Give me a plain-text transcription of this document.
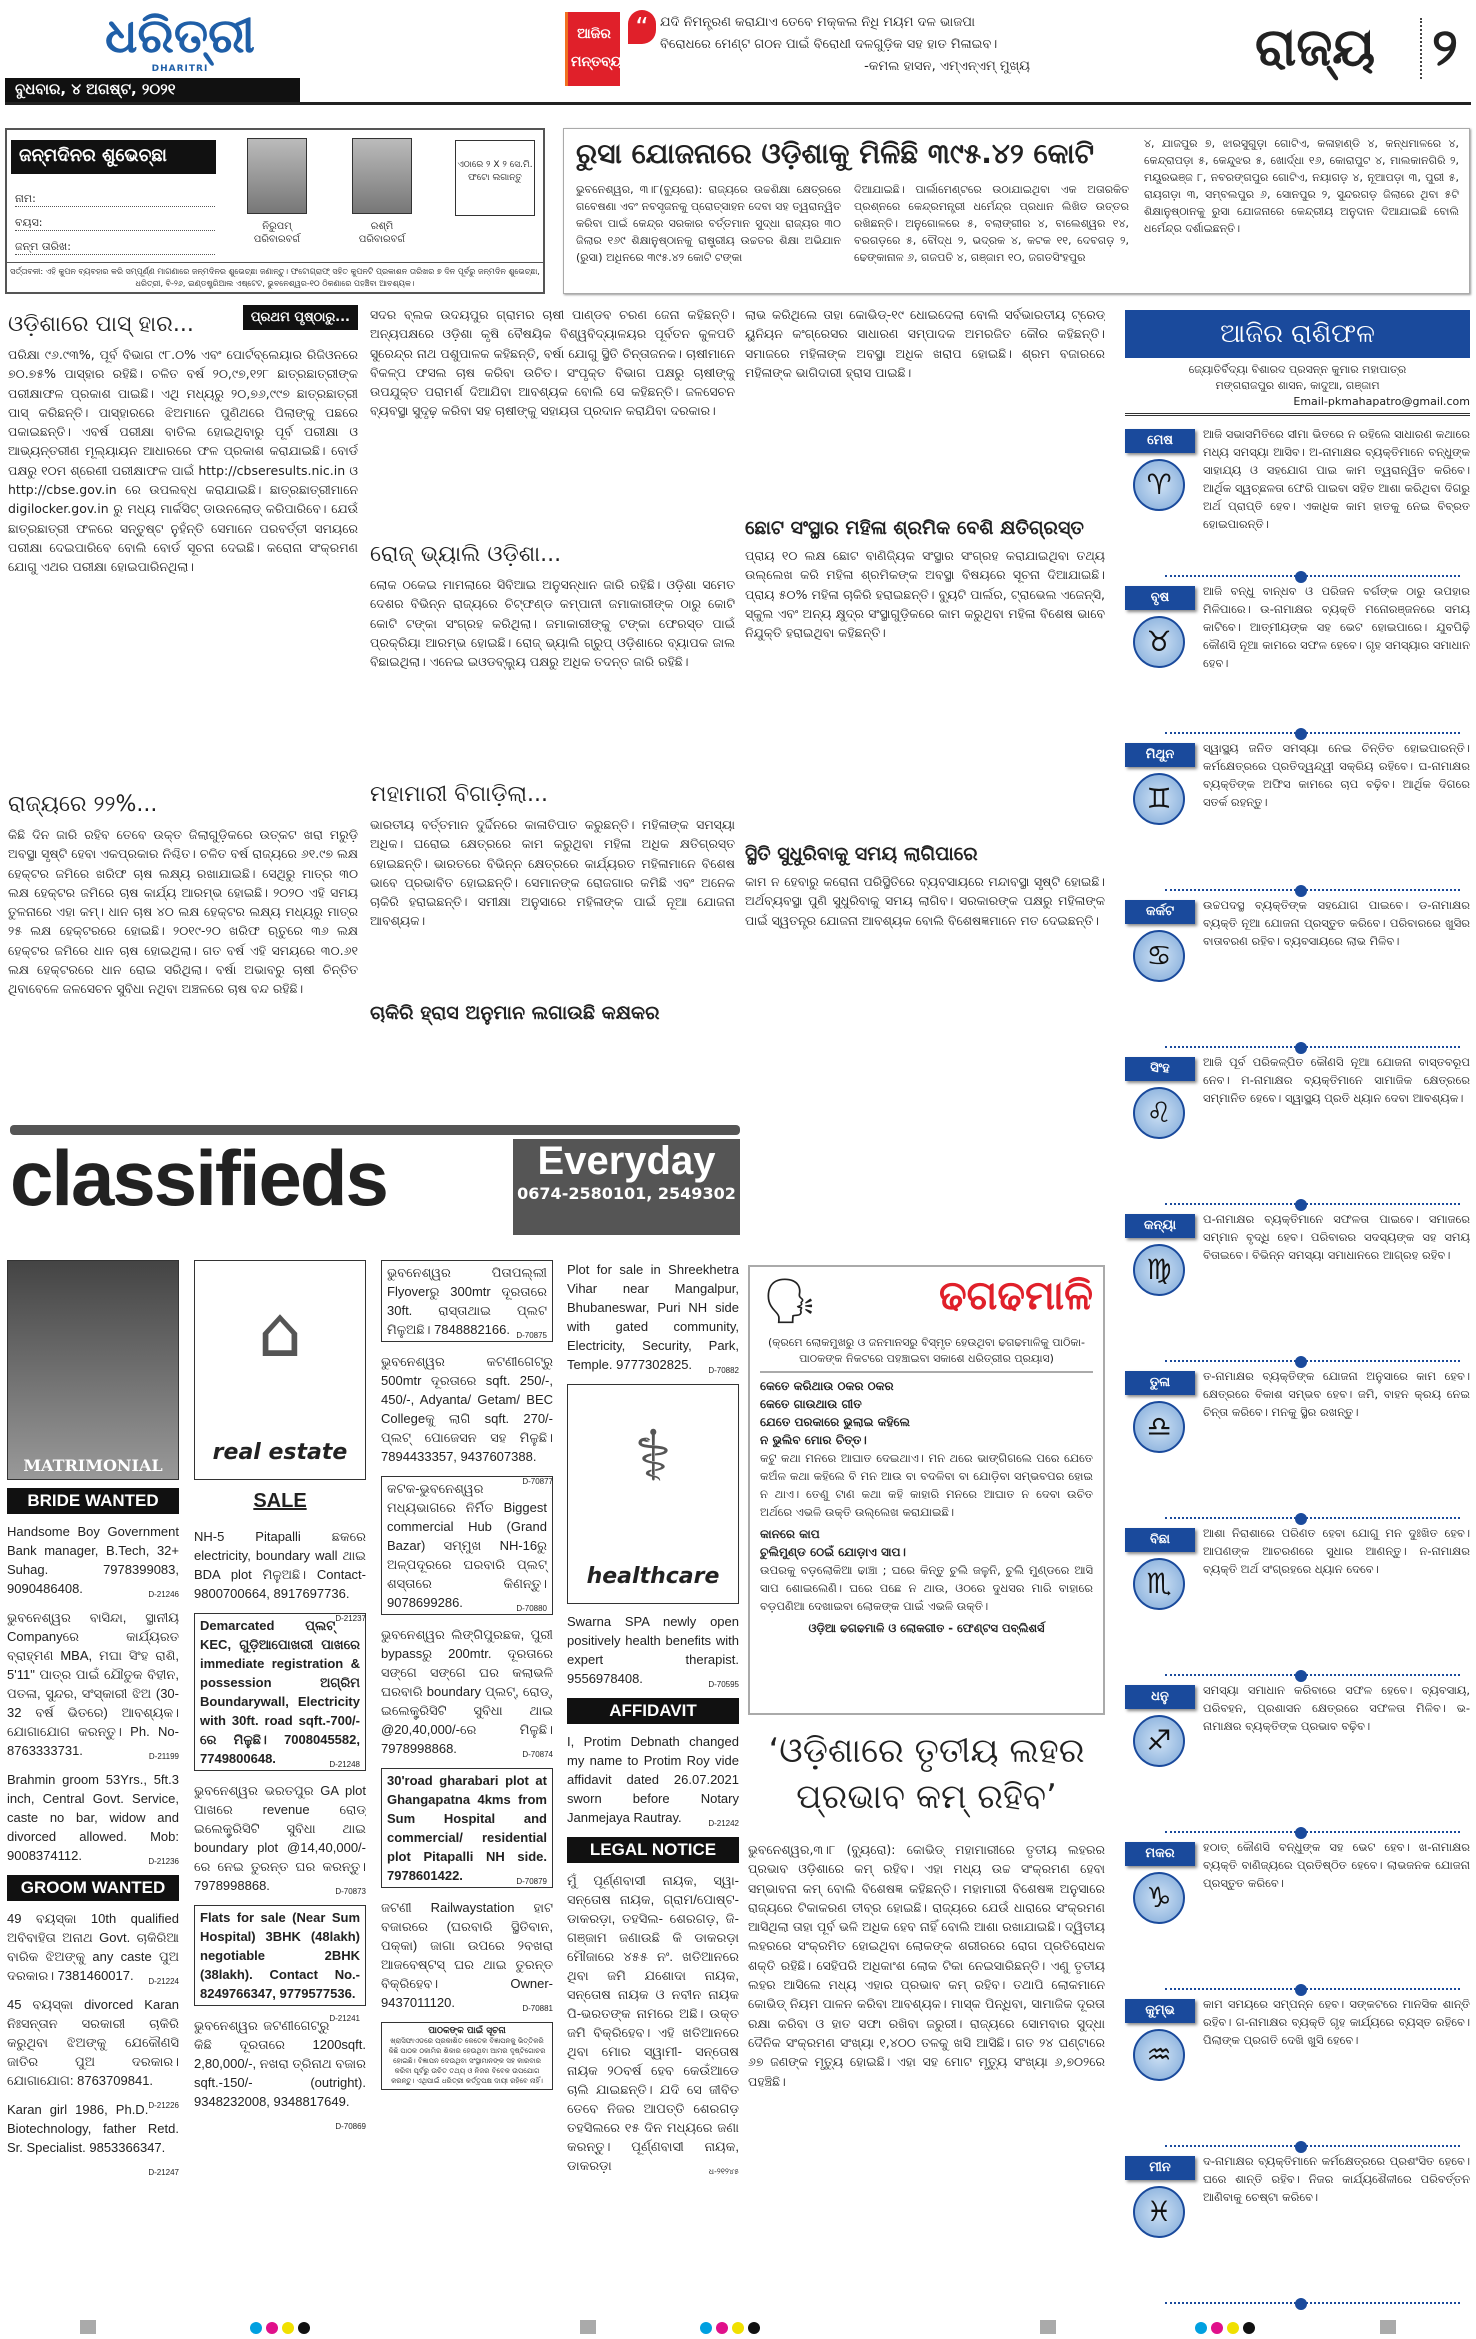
ଧରିତ୍ରୀ
DHARITRI
ବୁଧବାର, ୪ ଅଗଷ୍ଟ, ୨୦୨୧
ଆଜିର
ମନ୍ତବ୍ୟ
“ ଯଦି ନିମନ୍ତ୍ରଣ କରାଯାଏ ତେବେ ମକ୍କଲ ନିଧି ମୟମ ଦଳ ଭାଜପା
ବିରୋଧରେ ମେଣ୍ଟ ଗଠନ ପାଇଁ ବିରୋଧୀ ଦଳଗୁଡ଼ିକ ସହ ହାତ ମିଳାଇବ।
-କମଲ ହାସନ, ଏମ୍‌ଏନ୍‌ଏମ୍ ମୁଖ୍ୟ	ରାଜ୍ୟ ୨
ଜନ୍ମଦିନର ଶୁଭେଚ୍ଛା
ନାମ:
ବୟସ:
ଜନ୍ମ ତାରିଖ:
ନିରୁପମ୍
ପରିବାରବର୍ଗ
ରଶ୍ମି
ପରିବାରବର୍ଗ
ଏଠାରେ ୨ X ୨ ସେ.ମି. ଫଟୋ ଲଗାନ୍ତୁ
ସର୍ତ୍ତାବଳୀ: ଏହି କୁପନ ବ୍ୟବହାର କରି ସମ୍ପୂର୍ଣ୍ଣ ମାଗଣାରେ ଜନ୍ମଦିନର ଶୁଭେଚ୍ଛା ଜଣାନ୍ତୁ। ଫଟୋଗ୍ରାଫ୍ ସହିତ କୁପନଟି ପ୍ରକାଶନ ତାରିଖର ୭ ଦିନ ପୂର୍ବରୁ ଜନ୍ମଦିନ ଶୁଭେଚ୍ଛା, ଧରିତ୍ରୀ, ବି-୨୬, ଇଣ୍ଡଷ୍ଟ୍ରିଆଲ ଏଷ୍ଟେଟ, ଭୁବନେଶ୍ୱର-୧୦ ଠିକଣାରେ ପହଞ୍ଚିବା ଆବଶ୍ୟକ।
ରୁସା ଯୋଜନାରେ ଓଡ଼ିଶାକୁ ମିଳିଛି ୩୯୫.୪୨ କୋଟି
ଭୁବନେଶ୍ୱର, ୩।୮(ବ୍ୟୁରୋ): ରାଜ୍ୟରେ ଉଚ୍ଚଶିକ୍ଷା କ୍ଷେତ୍ରରେ ଗବେଷଣା ଏବଂ ନବସୃଜନକୁ ପ୍ରୋତ୍ସାହନ ଦେବା ସହ ତ୍ୱରାନ୍ୱିତ କରିବା ପାଇଁ କେନ୍ଦ୍ର ସରକାର ବର୍ତ୍ତମାନ ସୁଦ୍ଧା ରାଜ୍ୟର ୩୦ ଜିଲାର ୧୬୯ ଶିକ୍ଷାନୁଷ୍ଠାନକୁ ରାଷ୍ଟ୍ରୀୟ ଉଚ୍ଚତର ଶିକ୍ଷା ଅଭିଯାନ (ରୁସା) ଅଧିନରେ ୩୯୫.୪୨ କୋଟି ଟଙ୍କା
ଦିଆଯାଇଛି। ପାର୍ଲାମେଣ୍ଟରେ ଉଠାଯାଇଥିବା ଏକ ଅତାରକିତ ପ୍ରଶ୍ନରେ କେନ୍ଦ୍ରମନ୍ତ୍ରୀ ଧର୍ମେନ୍ଦ୍ର ପ୍ରଧାନ ଲିଖିତ ଉତ୍ତର ରଖିଛନ୍ତି। ଅନୁଗୋଳରେ ୫, ବଲାଙ୍ଗୀର ୪, ବାଲେଶ୍ୱର ୧୪, ବରଗଡ଼ରେ ୫, ବୌଦ୍ଧ ୨, ଭଦ୍ରକ ୪, କଟକ ୧୧, ଦେବଗଡ଼ ୨, ଢେଙ୍କାନାଳ ୬, ଗଜପତି ୪, ଗଞ୍ଜାମ ୧୦, ଜଗତସିଂହପୁର
୪, ଯାଜପୁର ୭, ଝାରସୁଗୁଡ଼ା ଗୋଟିଏ, କଳାହାଣ୍ଡି ୪, କନ୍ଧମାଳରେ ୪, କେନ୍ଦ୍ରାପଡ଼ା ୫, କେନ୍ଦୁଝର ୫, ଖୋର୍ଦ୍ଧା ୧୬, କୋରାପୁଟ ୪, ମାଲକାନଗିରି ୨, ମୟୂରଭଞ୍ଜ ୮, ନବରଙ୍ଗପୁର ଗୋଟିଏ, ନୟାଗଡ଼ ୪, ନୂଆପଡ଼ା ୩, ପୁରୀ ୫, ରାୟଗଡ଼ା ୩, ସମ୍ବଲପୁର ୬, ସୋନପୁର ୨, ସୁନ୍ଦରଗଡ଼ ଜିଲାରେ ଥିବା ୫ଟି ଶିକ୍ଷାନୁଷ୍ଠାନକୁ ରୁସା ଯୋଜନାରେ କେନ୍ଦ୍ରୀୟ ଅନୁଦାନ ଦିଆଯାଇଛି ବୋଲି ଧର୍ମେନ୍ଦ୍ର ଦର୍ଶାଇଛନ୍ତି।
ପ୍ରଥମ ପୃଷ୍ଠାରୁ...
ଓଡ଼ିଶାରେ ପାସ୍ ହାର...

ପରିକ୍ଷା ୯୬.୯୩%, ପୂର୍ବ ବିଭାଗ ୯୮.୦% ଏବଂ ପୋର୍ଟବ୍ଲେୟାର ରିଜିଓନରେ ୭୦.୭୫% ପାସ୍‌ହାର ରହିଛି। ଚଳିତ ବର୍ଷ ୨୦,୯୭,୧୨୮ ଛାତ୍ରଛାତ୍ରୀଙ୍କ ପରୀକ୍ଷାଫଳ ପ୍ରକାଶ ପାଇଛି। ଏଥି ମଧ୍ୟରୁ ୨୦,୭୬,୯୯୭ ଛାତ୍ରଛାତ୍ରୀ ପାସ୍ କରିଛନ୍ତି। ପାସ୍‌ହାରରେ ଝିଅମାନେ ପୁଣିଥରେ ପିଲାଙ୍କୁ ପଛରେ ପକାଇଛନ୍ତି। ଏବର୍ଷ ପରୀକ୍ଷା ବାତିଲ ହୋଇଥିବାରୁ ପୂର୍ବ ପରୀକ୍ଷା ଓ ଆଭ୍ୟନ୍ତରୀଣ ମୂଲ୍ୟାୟନ ଆଧାରରେ ଫଳ ପ୍ରକାଶ କରାଯାଇଛି। ବୋର୍ଡ ପକ୍ଷରୁ ୧୦ମ ଶ୍ରେଣୀ ପରୀକ୍ଷାଫଳ ପାଇଁ http://cbseresults.nic.in ଓ http://cbse.gov.in ରେ ଉପଲବ୍ଧ କରାଯାଇଛି। ଛାତ୍ରଛାତ୍ରୀମାନେ digilocker.gov.in ରୁ ମଧ୍ୟ ମାର୍କସିଟ୍ ଡାଉନଲୋଡ୍ କରିପାରିବେ। ଯେଉଁ ଛାତ୍ରଛାତ୍ରୀ ଫଳରେ ସନ୍ତୁଷ୍ଟ ନୁହଁନ୍ତି ସେମାନେ ପରବର୍ତ୍ତୀ ସମୟରେ ପରୀକ୍ଷା ଦେଇପାରିବେ ବୋଲି ବୋର୍ଡ ସୂଚନା ଦେଇଛି। କରୋନା ସଂକ୍ରମଣ ଯୋଗୁ ଏଥର ପରୀକ୍ଷା ହୋଇପାରିନଥିଲା।

ରାଜ୍ୟରେ ୨୨%...

କିଛି ଦିନ ଜାରି ରହିବ ତେବେ ଉକ୍ତ ଜିଲାଗୁଡ଼ିକରେ ଉତ୍କଟ ଖରା ମରୁଡ଼ି ଅବସ୍ଥା ସୃଷ୍ଟି ହେବା ଏକପ୍ରକାର ନିଶ୍ଚିତ। ଚଳିତ ବର୍ଷ ରାଜ୍ୟରେ ୬୧.୯୭ ଲକ୍ଷ ହେକ୍ଟର ଜମିରେ ଖରିଫ ଚାଷ ଲକ୍ଷ୍ୟ ରଖାଯାଇଛି। ସେଥିରୁ ମାତ୍ର ୩୦ ଲକ୍ଷ ହେକ୍ଟର ଜମିରେ ଚାଷ କାର୍ଯ୍ୟ ଆରମ୍ଭ ହୋଇଛି। ୨୦୨୦ ଏହି ସମୟ ତୁଳନାରେ ଏହା କମ୍। ଧାନ ଚାଷ ୪୦ ଲକ୍ଷ ହେକ୍ଟର ଲକ୍ଷ୍ୟ ମଧ୍ୟରୁ ମାତ୍ର ୨୫ ଲକ୍ଷ ହେକ୍ଟରରେ ହୋଇଛି। ୨୦୧୯-୨୦ ଖରିଫ ଋତୁରେ ୩୬ ଲକ୍ଷ ହେକ୍ଟର ଜମିରେ ଧାନ ଚାଷ ହୋଇଥିଲା। ଗତ ବର୍ଷ ଏହି ସମୟରେ ୩୦.୬୧ ଲକ୍ଷ ହେକ୍ଟରରେ ଧାନ ରୋଇ ସରିଥିଲା। ବର୍ଷା ଅଭାବରୁ ଚାଷୀ ଚିନ୍ତିତ ଥିବାବେଳେ ଜଳସେଚନ ସୁବିଧା ନଥିବା ଅଞ୍ଚଳରେ ଚାଷ ବନ୍ଦ ରହିଛି।

ସଦର ବ୍ଲକ ଉଦୟପୁର ଗ୍ରାମର ଚାଷୀ ପାଣ୍ଡବ ଚରଣ ଜେନା କହିଛନ୍ତି। ଅନ୍ୟପକ୍ଷରେ ଓଡ଼ିଶା କୃଷି ବୈଷୟିକ ବିଶ୍ୱବିଦ୍ୟାଳୟର ପୂର୍ବତନ କୁଳପତି ସୁରେନ୍ଦ୍ର ନାଥ ପଶୁପାଳକ କହିଛନ୍ତି, ବର୍ଷା ଯୋଗୁ ସ୍ଥିତି ଚିନ୍ତାଜନକ। ଚାଷୀମାନେ ବିକଳ୍ପ ଫସଲ ଚାଷ କରିବା ଉଚିତ। ସଂପୃକ୍ତ ବିଭାଗ ପକ୍ଷରୁ ଚାଷୀଙ୍କୁ ଉପଯୁକ୍ତ ପରାମର୍ଶ ଦିଆଯିବା ଆବଶ୍ୟକ ବୋଲି ସେ କହିଛନ୍ତି। ଜଳସେଚନ ବ୍ୟବସ୍ଥା ସୁଦୃଢ଼ କରିବା ସହ ଚାଷୀଙ୍କୁ ସହାୟତା ପ୍ରଦାନ କରାଯିବା ଦରକାର।

ରୋଜ୍ ଭ୍ୟାଲି ଓଡ଼ିଶା...

ଲୋକ ଠକେଇ ମାମଲାରେ ସିବିଆଇ ଅନୁସନ୍ଧାନ ଜାରି ରହିଛି। ଓଡ଼ିଶା ସମେତ ଦେଶର ବିଭିନ୍ନ ରାଜ୍ୟରେ ଚିଟ୍‌ଫଣ୍ଡ କମ୍ପାନୀ ଜମାକାରୀଙ୍କ ଠାରୁ କୋଟି କୋଟି ଟଙ୍କା ସଂଗ୍ରହ କରିଥିଲା। ଜମାକାରୀଙ୍କୁ ଟଙ୍କା ଫେରସ୍ତ ପାଇଁ ପ୍ରକ୍ରିୟା ଆରମ୍ଭ ହୋଇଛି। ରୋଜ୍ ଭ୍ୟାଲି ଗ୍ରୁପ୍ ଓଡ଼ିଶାରେ ବ୍ୟାପକ ଜାଲ ବିଛାଇଥିଲା। ଏନେଇ ଇଓଡବ୍ଲ୍ୟୁ ପକ୍ଷରୁ ଅଧିକ ତଦନ୍ତ ଜାରି ରହିଛି।

ମହାମାରୀ ବିଗାଡ଼ିଲା...

ଭାରତୀୟ ବର୍ତ୍ତମାନ ଦୁର୍ଦ୍ଦିନରେ କାଳାତିପାତ କରୁଛନ୍ତି। ମହିଳାଙ୍କ ସମସ୍ୟା ଅଧିକ। ଘରୋଇ କ୍ଷେତ୍ରରେ କାମ କରୁଥିବା ମହିଳା ଅଧିକ କ୍ଷତିଗ୍ରସ୍ତ ହୋଇଛନ୍ତି। ଭାରତରେ ବିଭିନ୍ନ କ୍ଷେତ୍ରରେ କାର୍ଯ୍ୟରତ ମହିଳାମାନେ ବିଶେଷ ଭାବେ ପ୍ରଭାବିତ ହୋଇଛନ୍ତି। ସେମାନଙ୍କ ରୋଜଗାର କମିଛି ଏବଂ ଅନେକ ଚାକିରି ହରାଇଛନ୍ତି। ସମୀକ୍ଷା ଅନୁସାରେ ମହିଳାଙ୍କ ପାଇଁ ନୂଆ ଯୋଜନା ଆବଶ୍ୟକ।

ଚାକିରି ହ୍ରାସ ଅନୁମାନ ଲଗାଉଛି କକ୍ଷକର

ଲାଭ କରିଥିଲେ ତାହା କୋଭିଡ୍-୧୯ ଧୋଇଦେଲା ବୋଲି ସର୍ବଭାରତୀୟ ଟ୍ରେଡ୍ ୟୁନିୟନ କଂଗ୍ରେସର ସାଧାରଣ ସମ୍ପାଦକ ଅମରଜିତ କୌର କହିଛନ୍ତି। ସମାଜରେ ମହିଳାଙ୍କ ଅବସ୍ଥା ଅଧିକ ଖରାପ ହୋଇଛି। ଶ୍ରମ ବଜାରରେ ମହିଳାଙ୍କ ଭାଗିଦାରୀ ହ୍ରାସ ପାଇଛି।

ଛୋଟ ସଂସ୍ଥାର ମହିଳା ଶ୍ରମିକ ବେଶି କ୍ଷତିଗ୍ରସ୍ତ

ପ୍ରାୟ ୧୦ ଲକ୍ଷ ଛୋଟ ବାଣିଜ୍ୟିକ ସଂସ୍ଥାର ସଂଗ୍ରହ କରାଯାଇଥିବା ତଥ୍ୟ ଉଲ୍ଲେଖ କରି ମହିଳା ଶ୍ରମିକଙ୍କ ଅବସ୍ଥା ବିଷୟରେ ସୂଚନା ଦିଆଯାଇଛି। ପ୍ରାୟ ୫୦% ମହିଳା ଚାକିରି ହରାଇଛନ୍ତି। ବ୍ୟୁଟି ପାର୍ଲର, ଟ୍ରାଭେଲ ଏଜେନ୍ସି, ସ୍କୁଲ ଏବଂ ଅନ୍ୟ କ୍ଷୁଦ୍ର ସଂସ୍ଥାଗୁଡ଼ିକରେ କାମ କରୁଥିବା ମହିଳା ବିଶେଷ ଭାବେ ନିଯୁକ୍ତି ହରାଇଥିବା କହିଛନ୍ତି।

ସ୍ଥିତି ସୁଧୁରିବାକୁ ସମୟ ଲାଗିପାରେ

କାମ ନ ହେବାରୁ କରୋନା ପରିସ୍ଥିତିରେ ବ୍ୟବସାୟରେ ମନ୍ଦାବସ୍ଥା ସୃଷ୍ଟି ହୋଇଛି। ଅର୍ଥବ୍ୟବସ୍ଥା ପୁଣି ସୁଧୁରିବାକୁ ସମୟ ଲାଗିବ। ସରକାରଙ୍କ ପକ୍ଷରୁ ମହିଳାଙ୍କ ପାଇଁ ସ୍ୱତନ୍ତ୍ର ଯୋଜନା ଆବଶ୍ୟକ ବୋଲି ବିଶେଷଜ୍ଞମାନେ ମତ ଦେଇଛନ୍ତି।

🗣	ଢଗଢମାଳି
(କ୍ରମେ ଲୋକମୁଖରୁ ଓ ଜନମାନସରୁ ବିସ୍ମୃତ ହେଉଥିବା ଢଗଢମାଳିକୁ ପାଠିକା-ପାଠକଙ୍କ ନିକଟରେ ପହଞ୍ଚାଇବା ସକାଶେ ଧରିତ୍ରୀର ପ୍ରୟାସ)
କେତେ କରିଥାଉ ଠକର ଠକର
କେତେ ଗାଉଥାଉ ଗୀତ
ଯେତେ ପରକାରେ ଭୁଲାଇ କହିଲେ
ନ ଭୁଲିବ ମୋର ଚିତ୍ତ।
କଟୁ କଥା ମନରେ ଆଘାତ ଦେଇଥାଏ। ମନ ଥରେ ଭାଙ୍ଗିଗଲେ ପରେ ଯେତେ କଅଁଳ କଥା କହିଲେ ବି ମନ ଆଉ ବା ବଦଳିବା ବା ଯୋଡ଼ିବା ସମ୍ଭବପର ହୋଇ ନ ଥାଏ। ତେଣୁ ଟାଣ କଥା କହି କାହାରି ମନରେ ଆଘାତ ନ ଦେବା ଉଚିତ ଅର୍ଥରେ ଏଭଳି ଉକ୍ତି ଉଲ୍ଲେଖ କରାଯାଇଛି।
କାନରେ କାପ
ଚୁଲିମୁଣ୍ଡ ଠେଇଁ ଯୋଡ଼ାଏ ସାପ।
ଉପରକୁ ବଡ଼ଲୋକିଆ ଢାଞ୍ଚା ; ଘରେ କିନ୍ତୁ ଚୁଲି ଜଳୁନି, ଚୁଲି ମୁଣ୍ଡରେ ଆସି ସାପ ଶୋଇଲେଣି। ଘରେ ପଛେ ନ ଥାଉ, ଓଠରେ ଦୁଧସର ମାରି ବାହାରେ ବଡ଼ପଣିଆ ଦେଖାଇବା ଲୋକଙ୍କ ପାଇଁ ଏଭଳି ଉକ୍ତି।
ଓଡ଼ିଆ ଢଗଢମାଳି ଓ ଲୋକଗୀତ - ଫେଣ୍ଟସ ପବ୍ଲିଶର୍ସ
‘ଓଡ଼ିଶାରେ ତୃତୀୟ ଲହର ପ୍ରଭାବ କମ୍ ରହିବ’
ଭୁବନେଶ୍ୱର,୩।୮ (ବ୍ୟୁରୋ): କୋଭିଡ୍ ମହାମାରୀରେ ତୃତୀୟ ଲହରର ପ୍ରଭାବ ଓଡ଼ିଶାରେ କମ୍ ରହିବ। ଏହା ମଧ୍ୟ ଉଚ୍ଚ ସଂକ୍ରମଣ ହେବା ସମ୍ଭାବନା କମ୍ ବୋଲି ବିଶେଷଜ୍ଞ କହିଛନ୍ତି। ମହାମାରୀ ବିଶେଷଜ୍ଞ ଅନୁସାରେ ରାଜ୍ୟରେ ଟିକାକରଣ ତୀବ୍ର ହୋଇଛି। ରାଜ୍ୟରେ ଯେଉଁ ଧାରାରେ ସଂକ୍ରମଣ ଆସିଥିଲା ତାହା ପୂର୍ବ ଭଳି ଅଧିକ ହେବ ନାହିଁ ବୋଲି ଆଶା ରଖାଯାଇଛି। ଦ୍ୱିତୀୟ ଲହରରେ ସଂକ୍ରମିତ ହୋଇଥିବା ଲୋକଙ୍କ ଶରୀରରେ ରୋଗ ପ୍ରତିରୋଧକ ଶକ୍ତି ରହିଛି। ସେହିପରି ଅଧିକାଂଶ ଲୋକ ଟିକା ନେଇସାରିଛନ୍ତି। ଏଣୁ ତୃତୀୟ ଲହର ଆସିଲେ ମଧ୍ୟ ଏହାର ପ୍ରଭାବ କମ୍ ରହିବ। ତଥାପି ଲୋକମାନେ କୋଭିଡ୍ ନିୟମ ପାଳନ କରିବା ଆବଶ୍ୟକ। ମାସ୍କ ପିନ୍ଧିବା, ସାମାଜିକ ଦୂରତା ରକ୍ଷା କରିବା ଓ ହାତ ସଫା ରଖିବା ଜରୁରୀ। ରାଜ୍ୟରେ ସୋମବାର ସୁଦ୍ଧା ଦୈନିକ ସଂକ୍ରମଣ ସଂଖ୍ୟା ୧,୪୦୦ ତଳକୁ ଖସି ଆସିଛି। ଗତ ୨୪ ଘଣ୍ଟାରେ ୬୭ ଜଣଙ୍କ ମୃତ୍ୟୁ ହୋଇଛି। ଏହା ସହ ମୋଟ ମୃତ୍ୟୁ ସଂଖ୍ୟା ୬,୭୦୨ରେ ପହଞ୍ଚିଛି।
ଆଜିର ରାଶିଫଳ
ଜ୍ୟୋତିର୍ବିଦ୍ୟା ବିଶାରଦ ପ୍ରସନ୍ନ କୁମାର ମହାପାତ୍ର
ମଙ୍ଗରାଜପୁର ଶାସନ, କାଦୁଆ, ଗଞ୍ଜାମ
Email-pkmahapatro@gmail.com
ମେଷ
♈
ଆଜି ସଭାସମିତିରେ ସୀମା ଭିତରେ ନ ରହିଲେ ସାଧାରଣ କଥାରେ ମଧ୍ୟ ସମସ୍ୟା ଆସିବ। ଅ-ନାମାକ୍ଷର ବ୍ୟକ୍ତିମାନେ ବନ୍ଧୁଙ୍କ ସାହାଯ୍ୟ ଓ ସହଯୋଗ ପାଇ କାମ ତ୍ୱରାନ୍ୱିତ କରିବେ। ଆର୍ଥିକ ସ୍ୱଚ୍ଛଳତା ଫେରି ପାଇବା ସହିତ ଆଶା କରିଥିବା ଦିଗରୁ ଅର୍ଥ ପ୍ରାପ୍ତି ହେବ। ଏକାଧିକ କାମ ହାତକୁ ନେଇ ବିବ୍ରତ ହୋଇପାରନ୍ତି।
ବୃଷ
♉
ଆଜି ବନ୍ଧୁ ବାନ୍ଧବ ଓ ପରିଜନ ବର୍ଗଙ୍କ ଠାରୁ ଉପହାର ମିଳିପାରେ। ଉ-ନାମାକ୍ଷର ବ୍ୟକ୍ତି ମନୋରଞ୍ଜନରେ ସମୟ କାଟିବେ। ଆତ୍ମୀୟଙ୍କ ସହ ଭେଟ ହୋଇପାରେ। ଯୁବପିଢ଼ି କୌଣସି ନୂଆ କାମରେ ସଫଳ ହେବେ। ଗୃହ ସମସ୍ୟାର ସମାଧାନ ହେବ।
ମିଥୁନ
♊
ସ୍ୱାସ୍ଥ୍ୟ ଜନିତ ସମସ୍ୟା ନେଇ ଚିନ୍ତିତ ହୋଇପାରନ୍ତି। କର୍ମକ୍ଷେତ୍ରରେ ପ୍ରତିଦ୍ୱନ୍ଦ୍ୱୀ ସକ୍ରିୟ ରହିବେ। ଘ-ନାମାକ୍ଷର ବ୍ୟକ୍ତିଙ୍କ ଅଫିସ କାମରେ ଚାପ ବଢ଼ିବ। ଆର୍ଥିକ ଦିଗରେ ସତର୍କ ରହନ୍ତୁ।
କର୍କଟ
♋
ଉଚ୍ଚପଦସ୍ଥ ବ୍ୟକ୍ତିଙ୍କ ସହଯୋଗ ପାଇବେ। ଡ-ନାମାକ୍ଷର ବ୍ୟକ୍ତି ନୂଆ ଯୋଜନା ପ୍ରସ୍ତୁତ କରିବେ। ପରିବାରରେ ଖୁସିର ବାତାବରଣ ରହିବ। ବ୍ୟବସାୟରେ ଲାଭ ମିଳିବ।
ସିଂହ
♌
ଆଜି ପୂର୍ବ ପରିକଳ୍ପିତ କୌଣସି ନୂଆ ଯୋଜନା ବାସ୍ତବରୂପ ନେବ। ମ-ନାମାକ୍ଷର ବ୍ୟକ୍ତିମାନେ ସାମାଜିକ କ୍ଷେତ୍ରରେ ସମ୍ମାନିତ ହେବେ। ସ୍ୱାସ୍ଥ୍ୟ ପ୍ରତି ଧ୍ୟାନ ଦେବା ଆବଶ୍ୟକ।
କନ୍ୟା
♍
ପ-ନାମାକ୍ଷର ବ୍ୟକ୍ତିମାନେ ସଫଳତା ପାଇବେ। ସମାଜରେ ସମ୍ମାନ ବୃଦ୍ଧି ହେବ। ପରିବାରର ସଦସ୍ୟଙ୍କ ସହ ସମୟ ବିତାଇବେ। ବିଭିନ୍ନ ସମସ୍ୟା ସମାଧାନରେ ଆଗ୍ରହ ରହିବ।
ତୁଳା
♎
ତ-ନାମାକ୍ଷର ବ୍ୟକ୍ତିଙ୍କ ଯୋଜନା ଅନୁସାରେ କାମ ହେବ। କ୍ଷେତ୍ରରେ ବିକାଶ ସମ୍ଭବ ହେବ। ଜମି, ବାହନ କ୍ରୟ ନେଇ ଚିନ୍ତା କରିବେ। ମନକୁ ସ୍ଥିର ରଖନ୍ତୁ।
ବିଛା
♏
ଆଶା ନିରାଶାରେ ପରିଣତ ହେବା ଯୋଗୁ ମନ ଦୁଃଖିତ ହେବ। ଆପଣଙ୍କ ଆଚରଣରେ ସୁଧାର ଆଣନ୍ତୁ। ନ-ନାମାକ୍ଷର ବ୍ୟକ୍ତି ଅର୍ଥ ସଂଗ୍ରହରେ ଧ୍ୟାନ ଦେବେ।
ଧନୁ
♐
ସମସ୍ୟା ସମାଧାନ କରିବାରେ ସଫଳ ହେବେ। ବ୍ୟବସାୟ, ପରିବହନ, ପ୍ରଶାସନ କ୍ଷେତ୍ରରେ ସଫଳତା ମିଳିବ। ଭ-ନାମାକ୍ଷର ବ୍ୟକ୍ତିଙ୍କ ପ୍ରଭାବ ବଢ଼ିବ।
ମକର
♑
ହଠାତ୍ କୌଣସି ବନ୍ଧୁଙ୍କ ସହ ଭେଟ ହେବ। ଖ-ନାମାକ୍ଷର ବ୍ୟକ୍ତି ବାଣିଜ୍ୟରେ ପ୍ରତିଷ୍ଠିତ ହେବେ। ଲାଭଜନକ ଯୋଜନା ପ୍ରସ୍ତୁତ କରିବେ।
କୁମ୍ଭ
♒
କାମ ସମୟରେ ସମ୍ପନ୍ନ ହେବ। ସଙ୍କଟରେ ମାନସିକ ଶାନ୍ତି ରହିବ। ଗ-ନାମାକ୍ଷର ବ୍ୟକ୍ତି ଗୃହ କାର୍ଯ୍ୟରେ ବ୍ୟସ୍ତ ରହିବେ। ପିଲାଙ୍କ ପ୍ରଗତି ଦେଖି ଖୁସି ହେବେ।
ମୀନ
♓
ଦ-ନାମାକ୍ଷର ବ୍ୟକ୍ତିମାନେ କର୍ମକ୍ଷେତ୍ରରେ ପ୍ରଶଂସିତ ହେବେ। ଘରେ ଶାନ୍ତି ରହିବ। ନିଜର କାର୍ଯ୍ୟଶୈଳୀରେ ପରିବର୍ତ୍ତନ ଆଣିବାକୁ ଚେଷ୍ଟା କରିବେ।
classifieds	Everyday
0674-2580101, 2549302
MATRIMONIAL
BRIDE WANTED
Handsome Boy Government Bank manager, B.Tech, 32+ Suhag. 7978399083, 9090486408.	D-21246
ଭୁବନେଶ୍ୱର ବାସିନ୍ଦା, ସ୍ଥାନୀୟ Companyରେ କାର୍ଯ୍ୟରତ ବ୍ରାହ୍ମଣ MBA, ମଘା ସିଂହ ରାଶି, 5'11" ପାତ୍ର ପାଇଁ ଯୌତୁକ ବିହୀନ, ପତଳା, ସୁନ୍ଦର, ସଂସ୍କାରୀ ଝିଅ (30-32 ବର୍ଷ ଭିତରେ) ଆବଶ୍ୟକ। ଯୋଗାଯୋଗ କରନ୍ତୁ। Ph. No- 8763333731.	D-21199
Brahmin groom 53Yrs., 5ft.3 inch, Central Govt. Service, caste no bar, widow and divorced allowed. Mob: 9008374112.	D-21236
GROOM WANTED
49 ବୟସ୍କା 10th qualified ଅବିବାହିତା ଅନାଥ Govt. ଚାକିରିଆ ବାରିକ ଝିଅଙ୍କୁ any caste ପୁଅ ଦରକାର। 7381460017. D-21224
45 ବୟସ୍କା divorced Karan ନିଃସନ୍ତାନ ସରକାରୀ ଚାକିରି କରୁଥିବା ଝିଅଙ୍କୁ ଯେକୌଣସି ଜାତିର ପୁଅ ଦରକାର। ଯୋଗାଯୋଗ: 8763709841.
D-21226
Karan girl 1986, Ph.D. Biotechnology, father Retd. Sr. Specialist. 9853366347.
D-21247
⌂
real estate
SALE
NH-5 Pitapalli ଛକରେ electricity, boundary wall ଥାଇ BDA plot ମିଳୁଅଛି। Contact- 9800700664, 8917697736.
D-21237
Demarcated ପ୍ଲଟ୍ KEC, ଗୁଡ଼ିଆପୋଖରୀ ପାଖରେ immediate registration & possession ଅଗ୍ରିମ Boundarywall, Electricity with 30ft. road sqft.-700/-ରେ ମିଳୁଛି। 7008045582, 7749800648.	D-21248
ଭୁବନେଶ୍ୱର ଭରତପୁର GA plot ପାଖରେ revenue ରୋଡ୍ ଇଲେକ୍ଟ୍ରିସିଟି ସୁବିଧା ଥାଇ boundary plot @14,40,000/-ରେ ନେଇ ତୁରନ୍ତ ଘର କରନ୍ତୁ। 7978998868.	D-70873
Flats for sale (Near Sum Hospital) 3BHK (48lakh) negotiable 2BHK (38lakh). Contact No.- 8249766347, 9779577536.
D-21241
ଭୁବନେଶ୍ୱର ଜଟଣୀଗେଟ୍‌ରୁ କିଛି ଦୂରତାରେ 1200sqft. 2,80,000/-, ନଖରା ତ୍ରିନାଥ ବଜାର sqft.-150/- (outright). 9348232008, 9348817649.
D-70869
ଭୁବନେଶ୍ୱର ପିତାପଲ୍ଲୀ Flyoverରୁ 300mtr ଦୂରତାରେ 30ft. ରାସ୍ତାଥାଇ ପ୍ଲଟ ମିଳୁଅଛି। 7848882166. D-70875
ଭୁବନେଶ୍ୱର କଟଣୀଗେଟ୍‌ରୁ 500mtr ଦୂରତାରେ sqft. 250/-, 450/-, Adyanta/ Getam/ BEC Collegeକୁ ଲାଗି sqft. 270/- ପ୍ଲଟ୍ ପୋଜେସନ ସହ ମିଳୁଛି। 7894433357, 9437607388.
D-70877
କଟକ-ଭୁବନେଶ୍ୱର ମଧ୍ୟଭାଗରେ ନିର୍ମିତ Biggest commercial Hub (Grand Bazar) ସମ୍ମୁଖ NH-16ରୁ ଅଳ୍ପଦୂରରେ ଘରବାରି ପ୍ଲଟ୍ ଶସ୍ତାରେ କିଣନ୍ତୁ। 9078699286.	D-70880
ଭୁବନେଶ୍ୱର ଲିଙ୍ଗିପୁରଛକ, ପୁରୀ bypassରୁ 200mtr. ଦୂରତାରେ ସଙ୍ଗେ ସଙ୍ଗେ ଘର କଲାଭଳି ଘରବାରି boundary ପ୍ଲଟ୍, ରୋଡ୍, ଇଲେକ୍ଟ୍ରିସିଟି ସୁବିଧା ଥାଇ @20,40,000/-ରେ ମିଳୁଛି। 7978998868.	D-70874
30'road gharabari plot at Ghangapatna 4kms from Sum Hospital and commercial/ residential plot Pitapalli NH side. 7978601422.	D-70879
ଜଟଣୀ Railwaystation ହାଟ ବଜାରରେ (ଘରବାରି ସ୍ଥିତିବାନ, ପକ୍କା) ଜାଗା ଉପରେ ୨ବଖରା ଆଜବେଷ୍ଟସ୍ ଘର ଥାଇ ତୁରନ୍ତ ବିକ୍ରିହେବ। Owner- 9437011120.	D-70881
ପାଠକଙ୍କ ପାଇଁ ସୂଚନା
ଖ୍ରାସିଫାଏଡରେ ପ୍ରକାଶିତ କେତେକ ବିଜ୍ଞାପନକୁ ଭିତ୍ତିକରି କିଛି ପାଠକ ଠକାମିର ଶିକାର ହେଉଥିବା ଆମର ଦୃଷ୍ଟିଗୋଚର ହୋଇଛି। ବିଜ୍ଞାପନ ଦେଉଥିବା ସଂସ୍ଥାମାନଙ୍କ ସହ କାରବାର କରିବା ପୂର୍ବରୁ ଉଚିତ ତଥ୍ୟ ଓ ନିଜର ବିବେକ ଉପଯୋଗ କରନ୍ତୁ। ଏଥିପାଇଁ ଧରିତ୍ରୀ କର୍ତ୍ତୃପକ୍ଷ ଦାୟୀ ରହିବେ ନାହିଁ।
Plot for sale in Shreekhetra Vihar near Mangalpur, Bhubaneswar, Puri NH side with gated community, Electricity, Security, Park, Temple. 9777302825. D-70882
⚕
healthcare
Swarna SPA newly open positively health benefits with expert therapist. 9556978408.	D-70595
AFFIDAVIT
I, Protim Debnath changed my name to Protim Roy vide affidavit dated 26.07.2021 sworn before Notary Janmejaya Rautray.	D-21242
LEGAL NOTICE
ମୁଁ ପୂର୍ଣ୍ଣବାସୀ ନାୟକ, ସ୍ୱା- ସନ୍ତୋଷ ନାୟକ, ଗ୍ରାମ/ପୋଷ୍ଟ- ଡାକରଡ଼ା, ତହସିଲ- ଶେରଗଡ଼, ଜି- ଗଞ୍ଜାମ ଜଣାଉଛି କି ଡାକରଡ଼ା ମୌଜାରେ ୪୫୫ ନଂ. ଖତିଆନରେ ଥିବା ଜମି ଯଶୋଦା ନାୟକ, ସନ୍ତୋଷ ନାୟକ ଓ ନବୀନ ନାୟକ ପି-ଭରତଙ୍କ ନାମରେ ଅଛି। ଉକ୍ତ ଜମି ବିକ୍ରିହେବ। ଏହି ଖତିଆନରେ ଥିବା ମୋର ସ୍ୱାମୀ- ସନ୍ତୋଷ ନାୟକ ୨୦ବର୍ଷ ହେବ କେଉଁଆଡେ ଚାଲି ଯାଇଛନ୍ତି। ଯଦି ସେ ଜୀବିତ ତେବେ ନିଜର ଆପତ୍ତି ଶେରଗଡ଼ ତହସିଲରେ ୧୫ ଦିନ ମଧ୍ୟରେ ଜଣା କରନ୍ତୁ। ପୂର୍ଣ୍ଣବାସୀ ନାୟକ, ଡାକରଡ଼ା	ଧ-୨୧୨୪୫
